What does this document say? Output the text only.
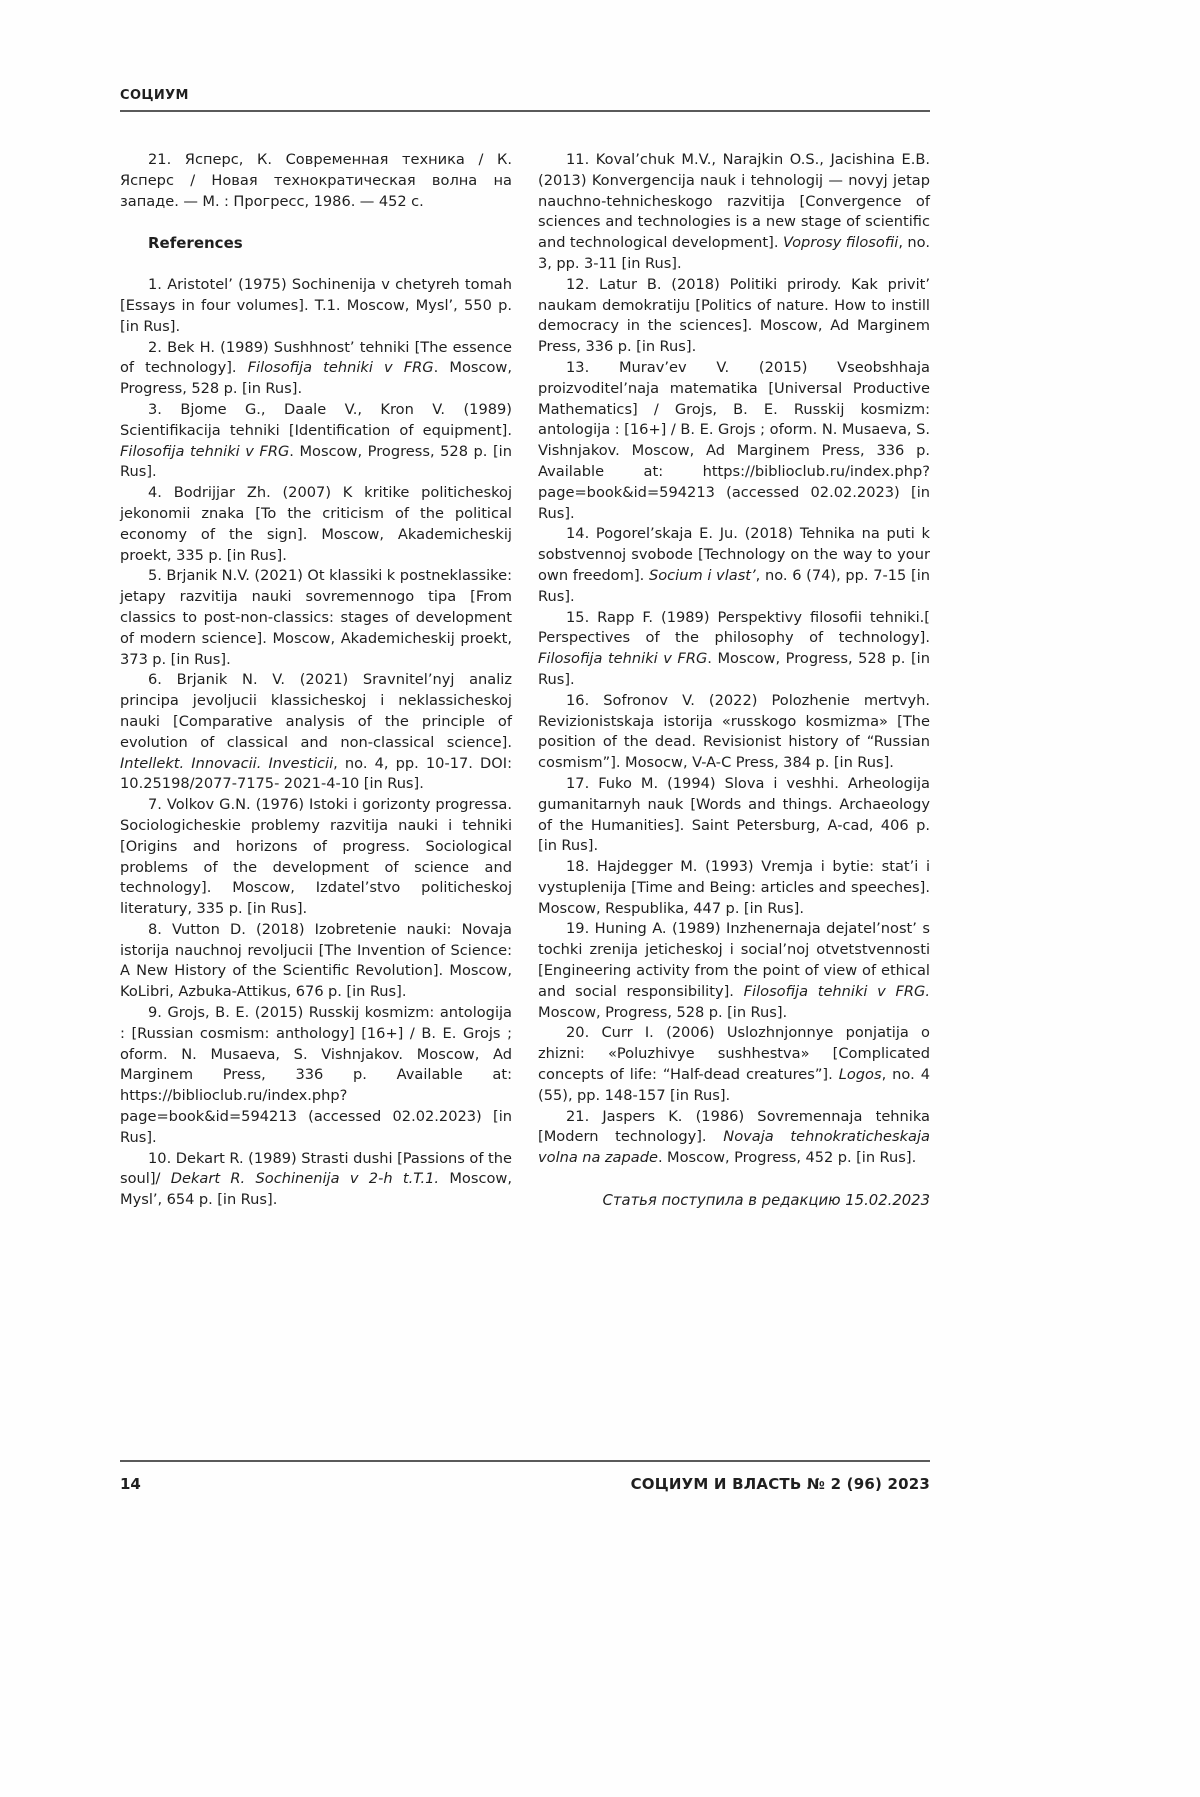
СОЦИУМ

21. Ясперс, К. Современная техника / К. Ясперс / Новая технократическая волна на западе. — М. : Прогресс, 1986. — 452 с.

References

1. Aristotel’ (1975) Sochinenija v chetyreh tomah [Essays in four volumes]. T.1. Moscow, Mysl’, 550 p. [in Rus].

2. Bek H. (1989) Sushhnost’ tehniki [The essence of technology]. Filosofija tehniki v FRG. Moscow, Progress, 528 p. [in Rus].

3. Bjome G., Daale V., Kron V. (1989) Scientifikacija tehniki [Identification of equipment]. Filosofija tehniki v FRG. Moscow, Progress, 528 p. [in Rus].

4. Bodrijjar Zh. (2007) K kritike politicheskoj jekonomii znaka [To the criticism of the political economy of the sign]. Moscow, Akademicheskij proekt, 335 p. [in Rus].

5. Brjanik N.V. (2021) Ot klassiki k postneklassike: jetapy razvitija nauki sovremennogo tipa [From classics to post-non-classics: stages of development of modern science]. Moscow, Akademicheskij proekt, 373 p. [in Rus].

6. Brjanik N. V. (2021) Sravnitel’nyj analiz principa jevoljucii klassicheskoj i neklassicheskoj nauki [Comparative analysis of the principle of evolution of classical and non-classical science]. Intellekt. Innovacii. Investicii, no. 4, pp. 10-17. DOI: 10.25198/2077-7175- 2021-4-10 [in Rus].

7. Volkov G.N. (1976) Istoki i gorizonty progressa. Sociologicheskie problemy razvitija nauki i tehniki [Origins and horizons of progress. Sociological problems of the development of science and technology]. Moscow, Izdatel’stvo politicheskoj literatury, 335 p. [in Rus].

8. Vutton D. (2018) Izobretenie nauki: Novaja istorija nauchnoj revoljucii [The Invention of Science: A New History of the Scientific Revolution]. Moscow, KoLibri, Azbuka-Attikus, 676 p. [in Rus].

9. Grojs, B. E. (2015) Russkij kosmizm: antologija : [Russian cosmism: anthology] [16+] / B. E. Grojs ; oform. N. Musaeva, S. Vishnjakov. Moscow, Ad Marginem Press, 336 p. Available at: https://biblioclub.ru/index.php?page=book&id=594213 (accessed 02.02.2023) [in Rus].

10. Dekart R. (1989) Strasti dushi [Passions of the soul]/ Dekart R. Sochinenija v 2-h t.T.1. Moscow, Mysl’, 654 p. [in Rus].

11. Koval’chuk M.V., Narajkin O.S., Jacishina E.B. (2013) Konvergencija nauk i tehnologij — novyj jetap nauchno-tehnicheskogo razvitija [Convergence of sciences and technologies is a new stage of scientific and technological development]. Voprosy filosofii, no. 3, pp. 3-11 [in Rus].

12. Latur B. (2018) Politiki prirody. Kak privit’ naukam demokratiju [Politics of nature. How to instill democracy in the sciences]. Moscow, Ad Marginem Press, 336 p. [in Rus].

13. Murav’ev V. (2015) Vseobshhaja proizvoditel’naja matematika [Universal Productive Mathematics] / Grojs, B. E. Russkij kosmizm: antologija : [16+] / B. E. Grojs ; oform. N. Musaeva, S. Vishnjakov. Moscow, Ad Marginem Press, 336 p. Available at: https://biblioclub.ru/index.php?page=book&id=594213 (accessed 02.02.2023) [in Rus].

14. Pogorel’skaja E. Ju. (2018) Tehnika na puti k sobstvennoj svobode [Technology on the way to your own freedom]. Socium i vlast’, no. 6 (74), pp. 7-15 [in Rus].

15. Rapp F. (1989) Perspektivy filosofii tehniki.[ Perspectives of the philosophy of technology]. Filosofija tehniki v FRG. Moscow, Progress, 528 p. [in Rus].

16. Sofronov V. (2022) Polozhenie mertvyh. Revizionistskaja istorija «russkogo kosmizma» [The position of the dead. Revisionist history of “Russian cosmism”]. Mosocw, V-A-C Press, 384 p. [in Rus].

17. Fuko M. (1994) Slova i veshhi. Arheologija gumanitarnyh nauk [Words and things. Archaeology of the Humanities]. Saint Petersburg, A-cad, 406 p. [in Rus].

18. Hajdegger M. (1993) Vremja i bytie: stat’i i vystuplenija [Time and Being: articles and speeches]. Moscow, Respublika, 447 p. [in Rus].

19. Huning A. (1989) Inzhenernaja dejatel’nost’ s tochki zrenija jeticheskoj i social’noj otvetstvennosti [Engineering activity from the point of view of ethical and social responsibility]. Filosofija tehniki v FRG. Moscow, Progress, 528 p. [in Rus].

20. Curr I. (2006) Uslozhnjonnye ponjatija o zhizni: «Poluzhivye sushhestva» [Complicated concepts of life: “Half-dead creatures”]. Logos, no. 4 (55), pp. 148-157 [in Rus].

21. Jaspers K. (1986) Sovremennaja tehnika [Modern technology]. Novaja tehnokraticheskaja volna na zapade. Moscow, Progress, 452 p. [in Rus].

Статья поступила в редакцию 15.02.2023

14	СОЦИУМ И ВЛАСТЬ № 2 (96) 2023
